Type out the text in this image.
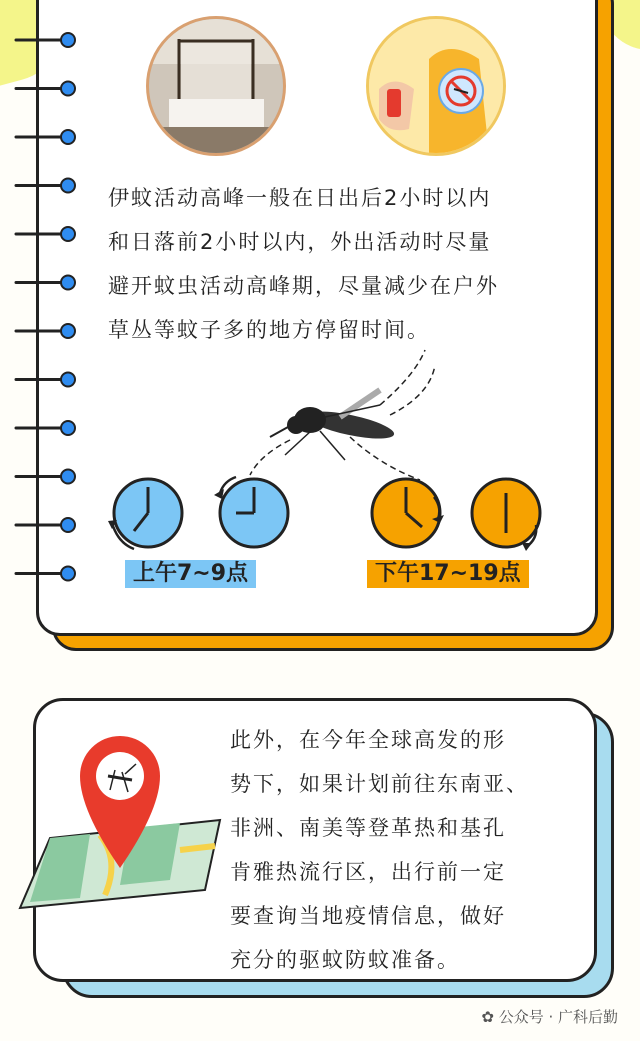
伊蚊活动高峰一般在日出后2小时以内
和日落前2小时以内，外出活动时尽量
避开蚊虫活动高峰期，尽量减少在户外
草丛等蚊子多的地方停留时间。
上午7~9点	下午17~19点
此外，在今年全球高发的形
势下，如果计划前往东南亚、
非洲、南美等登革热和基孔
肯雅热流行区，出行前一定
要查询当地疫情信息，做好
充分的驱蚊防蚊准备。
✿ 公众号 · 广科后勤
